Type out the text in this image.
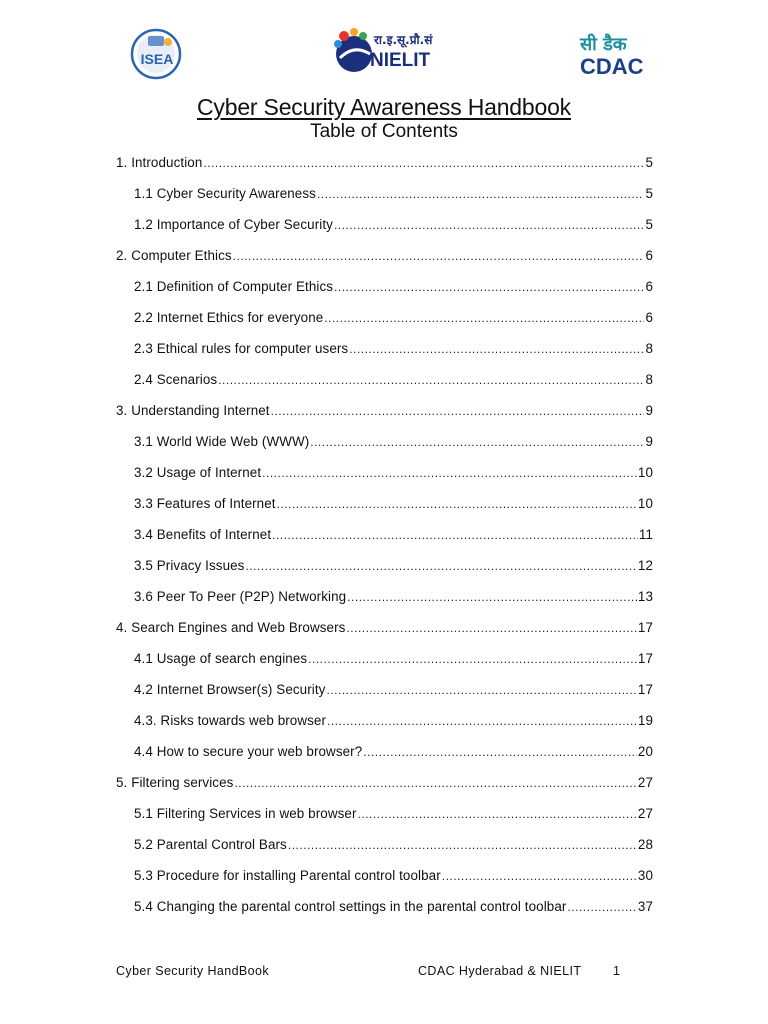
ISEA
रा.इ.सू.प्रौ.सं
NIELIT
सी डैक
CDAC
Cyber Security Awareness Handbook
Table of Contents
1. Introduction .....	5
1.1 Cyber Security Awareness .....	5
1.2 Importance of Cyber Security .....	5
2. Computer Ethics .....	6
2.1 Definition of Computer Ethics .....	6
2.2 Internet Ethics for everyone .....	6
2.3 Ethical rules for computer users .....	8
2.4 Scenarios .....	8
3. Understanding Internet .....	9
3.1 World Wide Web (WWW) .....	9
3.2 Usage of Internet .....	10
3.3 Features of Internet .....	10
3.4 Benefits of Internet .....	11
3.5 Privacy Issues .....	12
3.6 Peer To Peer (P2P) Networking .....	13
4. Search Engines and Web Browsers .....	17
4.1 Usage of search engines .....	17
4.2 Internet Browser(s) Security .....	17
4.3. Risks towards web browser .....	19
4.4 How to secure your web browser? .....	20
5. Filtering services .....	27
5.1 Filtering Services in web browser .....	27
5.2 Parental Control Bars .....	28
5.3 Procedure for installing Parental control toolbar .....	30
5.4 Changing the parental control settings in the parental control toolbar .....	37
Cyber Security HandBook	CDAC Hyderabad & NIELIT	1
